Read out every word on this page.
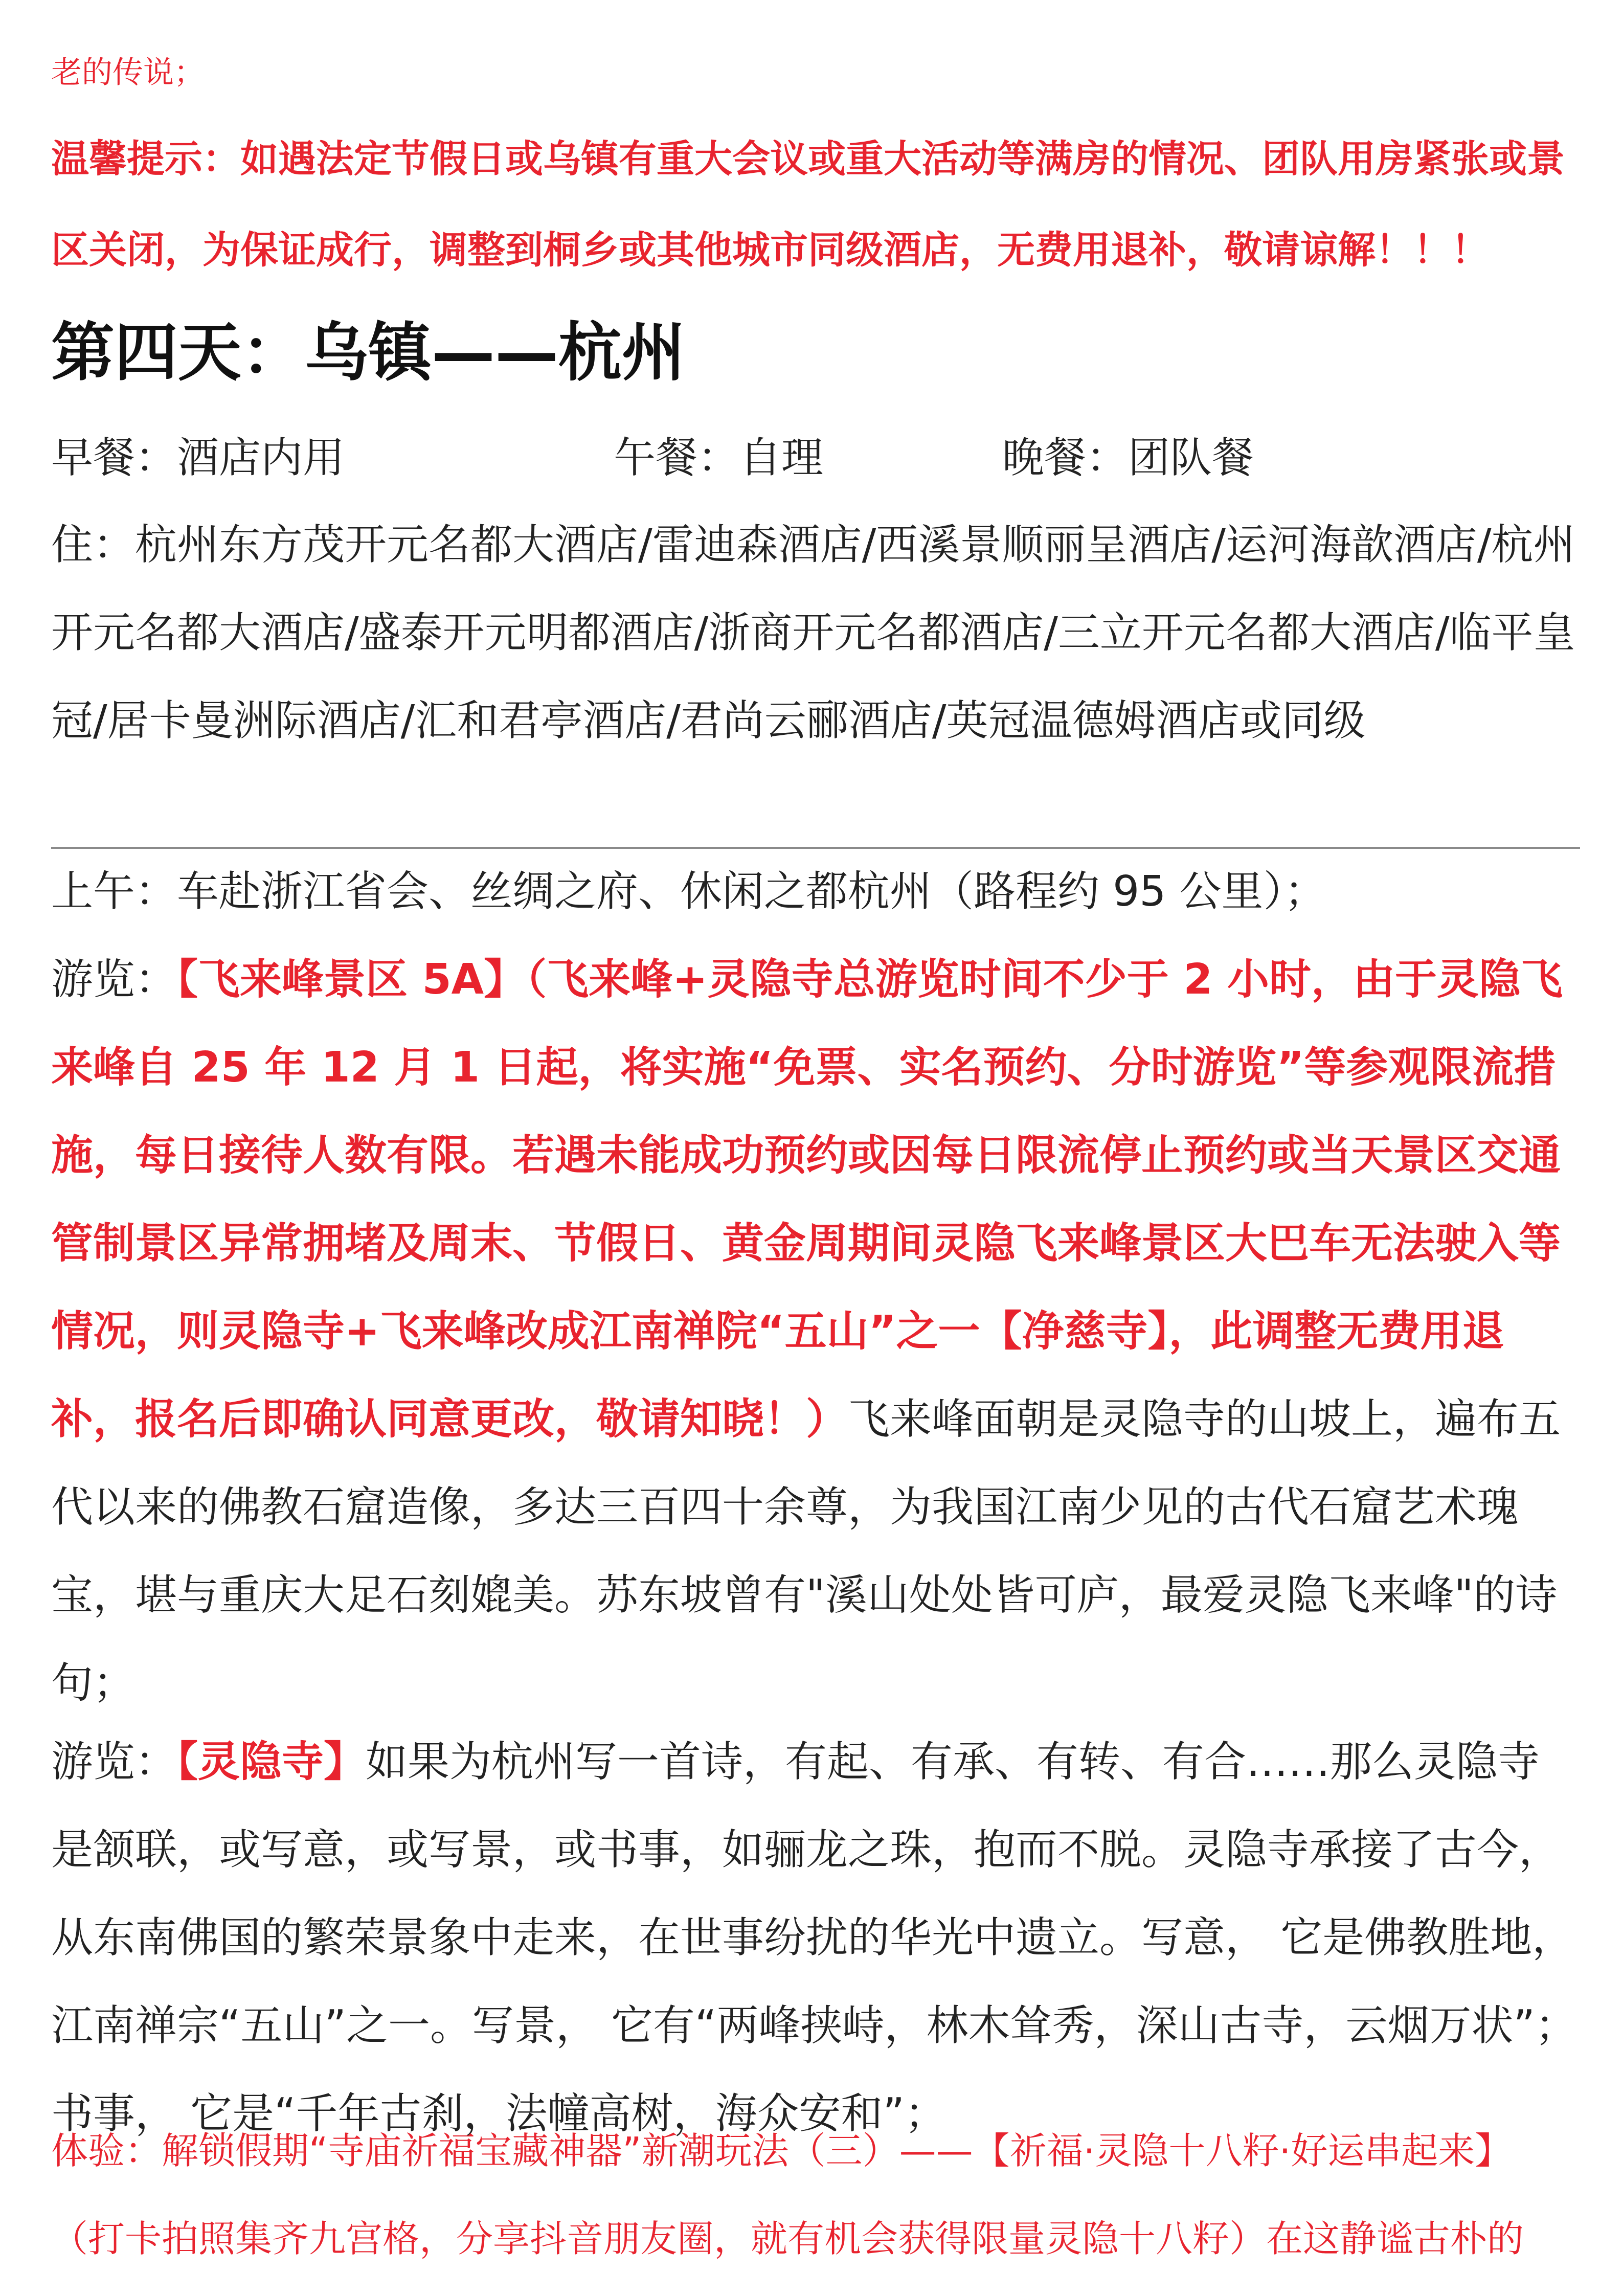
老的传说；

温馨提示：如遇法定节假日或乌镇有重大会议或重大活动等满房的情况、团队用房紧张或景区关闭，为保证成行，调整到桐乡或其他城市同级酒店，无费用退补，敬请谅解！！！

第四天：乌镇——杭州
早餐：酒店内用	午餐：自理	晚餐：团队餐

住：杭州东方茂开元名都大酒店/雷迪森酒店/西溪景顺丽呈酒店/运河海歆酒店/杭州开元名都大酒店/盛泰开元明都酒店/浙商开元名都酒店/三立开元名都大酒店/临平皇冠/居卡曼洲际酒店/汇和君亭酒店/君尚云郦酒店/英冠温德姆酒店或同级

上午：车赴浙江省会、丝绸之府、休闲之都杭州（路程约 95 公里）；

游览：【飞来峰景区 5A】（飞来峰+灵隐寺总游览时间不少于 2 小时，由于灵隐飞来峰自 25 年 12 月 1 日起，将实施“免票、实名预约、分时游览”等参观限流措施，每日接待人数有限。若遇未能成功预约或因每日限流停止预约或当天景区交通管制景区异常拥堵及周末、节假日、黄金周期间灵隐飞来峰景区大巴车无法驶入等情况，则灵隐寺+飞来峰改成江南禅院“五山”之一【净慈寺】，此调整无费用退补，报名后即确认同意更改，敬请知晓！）飞来峰面朝是灵隐寺的山坡上，遍布五代以来的佛教石窟造像，多达三百四十余尊，为我国江南少见的古代石窟艺术瑰宝，堪与重庆大足石刻媲美。苏东坡曾有"溪山处处皆可庐，最爱灵隐飞来峰"的诗句；

游览：【灵隐寺】如果为杭州写一首诗，有起、有承、有转、有合……那么灵隐寺是颔联，或写意，或写景，或书事，如骊龙之珠，抱而不脱。灵隐寺承接了古今，从东南佛国的繁荣景象中走来，在世事纷扰的华光中遗立。写意， 它是佛教胜地，江南禅宗“五山”之一。写景， 它有“两峰挟峙，林木耸秀，深山古寺，云烟万状”； 书事， 它是“千年古刹，法幢高树，海众安和”；

体验：解锁假期“寺庙祈福宝藏神器”新潮玩法（三）——【祈福·灵隐十八籽·好运串起来】

（打卡拍照集齐九宫格，分享抖音朋友圈，就有机会获得限量灵隐十八籽）在这静谧古朴的
